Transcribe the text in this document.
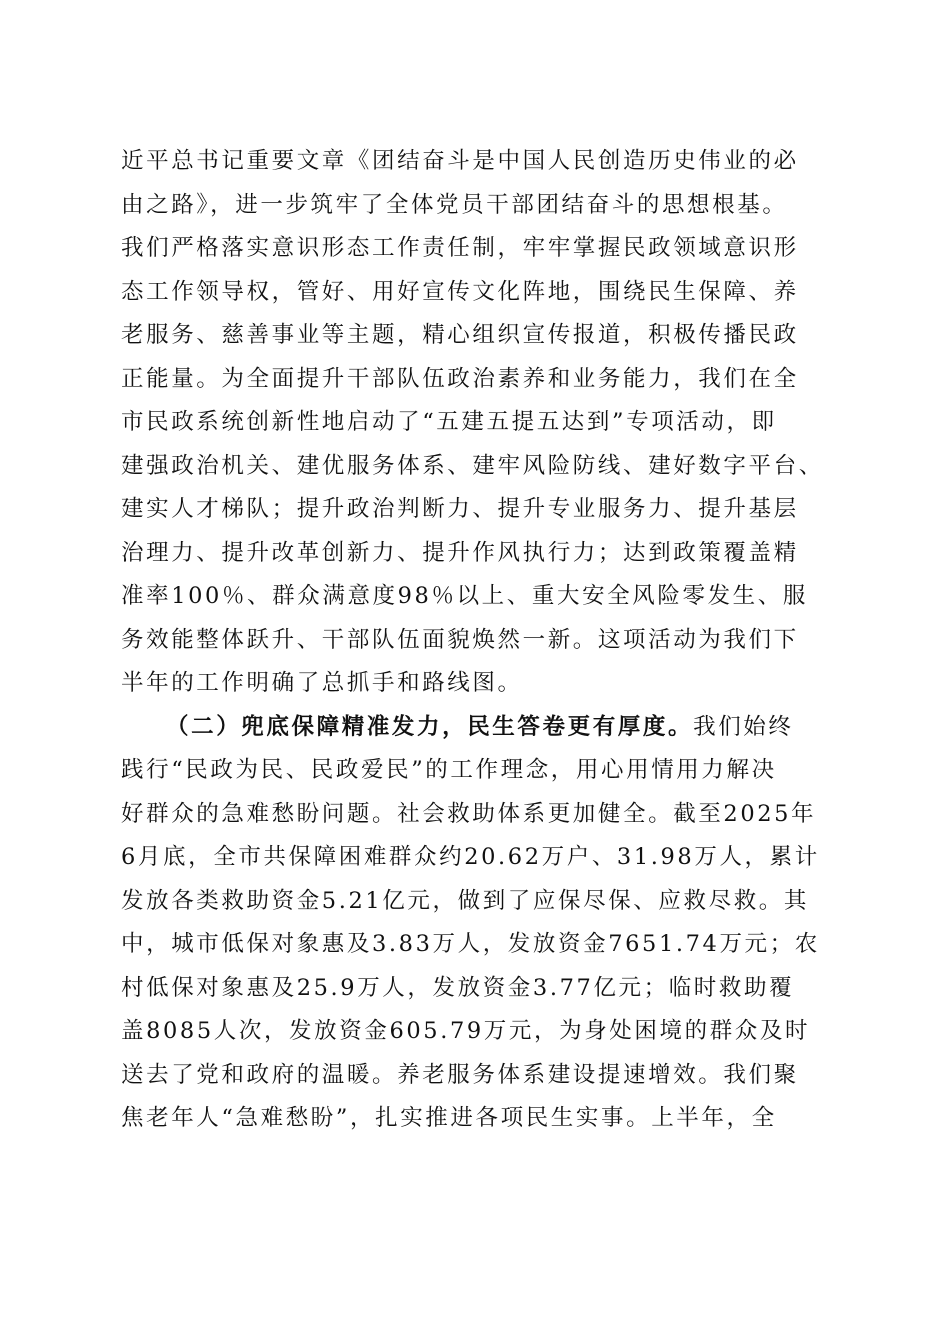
近平总书记重要文章《团结奋斗是中国人民创造历史伟业的必
由之路》，进一步筑牢了全体党员干部团结奋斗的思想根基。
我们严格落实意识形态工作责任制，牢牢掌握民政领域意识形
态工作领导权，管好、用好宣传文化阵地，围绕民生保障、养
老服务、慈善事业等主题，精心组织宣传报道，积极传播民政
正能量。为全面提升干部队伍政治素养和业务能力，我们在全
市民政系统创新性地启动了“五建五提五达到”专项活动，即
建强政治机关、建优服务体系、建牢风险防线、建好数字平台、
建实人才梯队；提升政治判断力、提升专业服务力、提升基层
治理力、提升改革创新力、提升作风执行力；达到政策覆盖精
准率100％、群众满意度98％以上、重大安全风险零发生、服
务效能整体跃升、干部队伍面貌焕然一新。这项活动为我们下
半年的工作明确了总抓手和路线图。
（二）兜底保障精准发力，民生答卷更有厚度。我们始终
践行“民政为民、民政爱民”的工作理念，用心用情用力解决
好群众的急难愁盼问题。社会救助体系更加健全。截至2025年
6月底，全市共保障困难群众约20.62万户、31.98万人，累计
发放各类救助资金5.21亿元，做到了应保尽保、应救尽救。其
中，城市低保对象惠及3.83万人，发放资金7651.74万元；农
村低保对象惠及25.9万人，发放资金3.77亿元；临时救助覆
盖8085人次，发放资金605.79万元，为身处困境的群众及时
送去了党和政府的温暖。养老服务体系建设提速增效。我们聚
焦老年人“急难愁盼”，扎实推进各项民生实事。上半年，全
